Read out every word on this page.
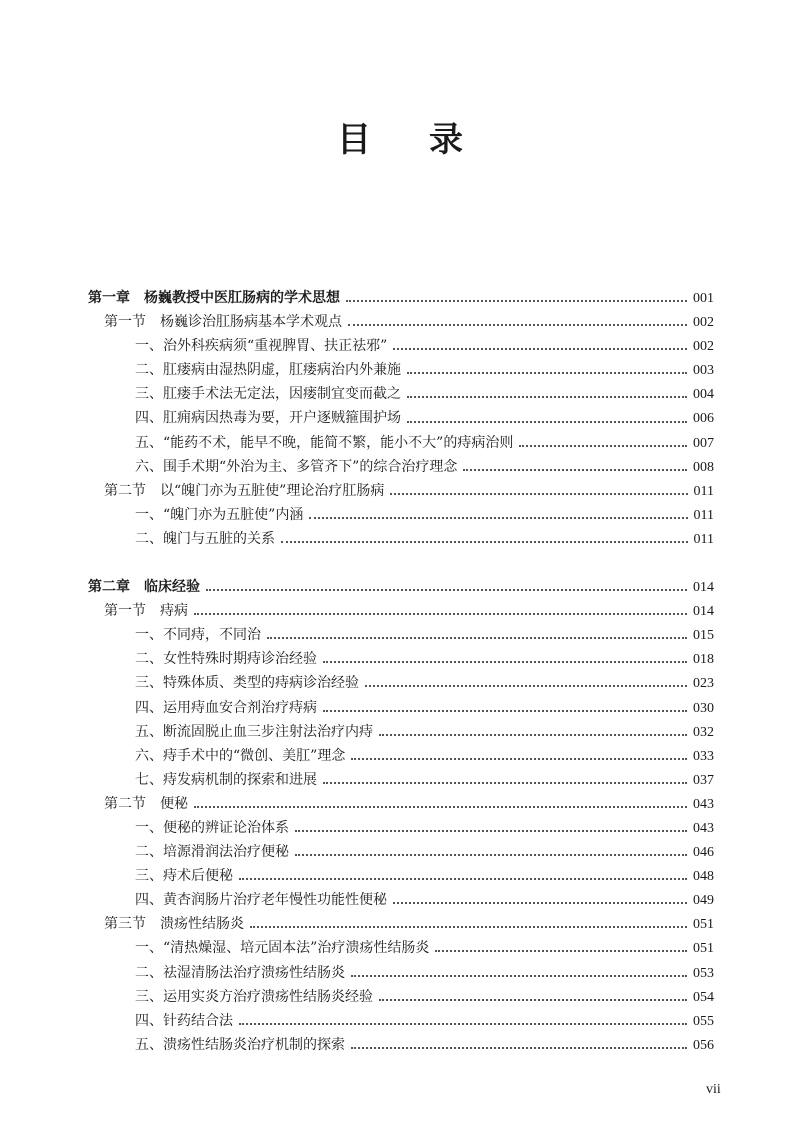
目录
第一章　杨巍教授中医肛肠病的学术思想	001
第一节　杨巍诊治肛肠病基本学术观点	002
一、治外科疾病须“重视脾胃、扶正祛邪”	002
二、肛瘘病由湿热阴虚，肛瘘病治内外兼施	003
三、肛瘘手术法无定法，因瘘制宜变而截之	004
四、肛痈病因热毒为要，开户逐贼箍围护场	006
五、“能药不术，能早不晚，能简不繁，能小不大”的痔病治则	007
六、围手术期“外治为主、多管齐下”的综合治疗理念	008
第二节　以“魄门亦为五脏使”理论治疗肛肠病	011
一、“魄门亦为五脏使”内涵	011
二、魄门与五脏的关系	011
第二章　临床经验	014
第一节　痔病	014
一、不同痔，不同治	015
二、女性特殊时期痔诊治经验	018
三、特殊体质、类型的痔病诊治经验	023
四、运用痔血安合剂治疗痔病	030
五、断流固脱止血三步注射法治疗内痔	032
六、痔手术中的“微创、美肛”理念	033
七、痔发病机制的探索和进展	037
第二节　便秘	043
一、便秘的辨证论治体系	043
二、培源滑润法治疗便秘	046
三、痔术后便秘	048
四、黄杏润肠片治疗老年慢性功能性便秘	049
第三节　溃疡性结肠炎	051
一、“清热燥湿、培元固本法”治疗溃疡性结肠炎	051
二、祛湿清肠法治疗溃疡性结肠炎	053
三、运用实炎方治疗溃疡性结肠炎经验	054
四、针药结合法	055
五、溃疡性结肠炎治疗机制的探索	056
vii
